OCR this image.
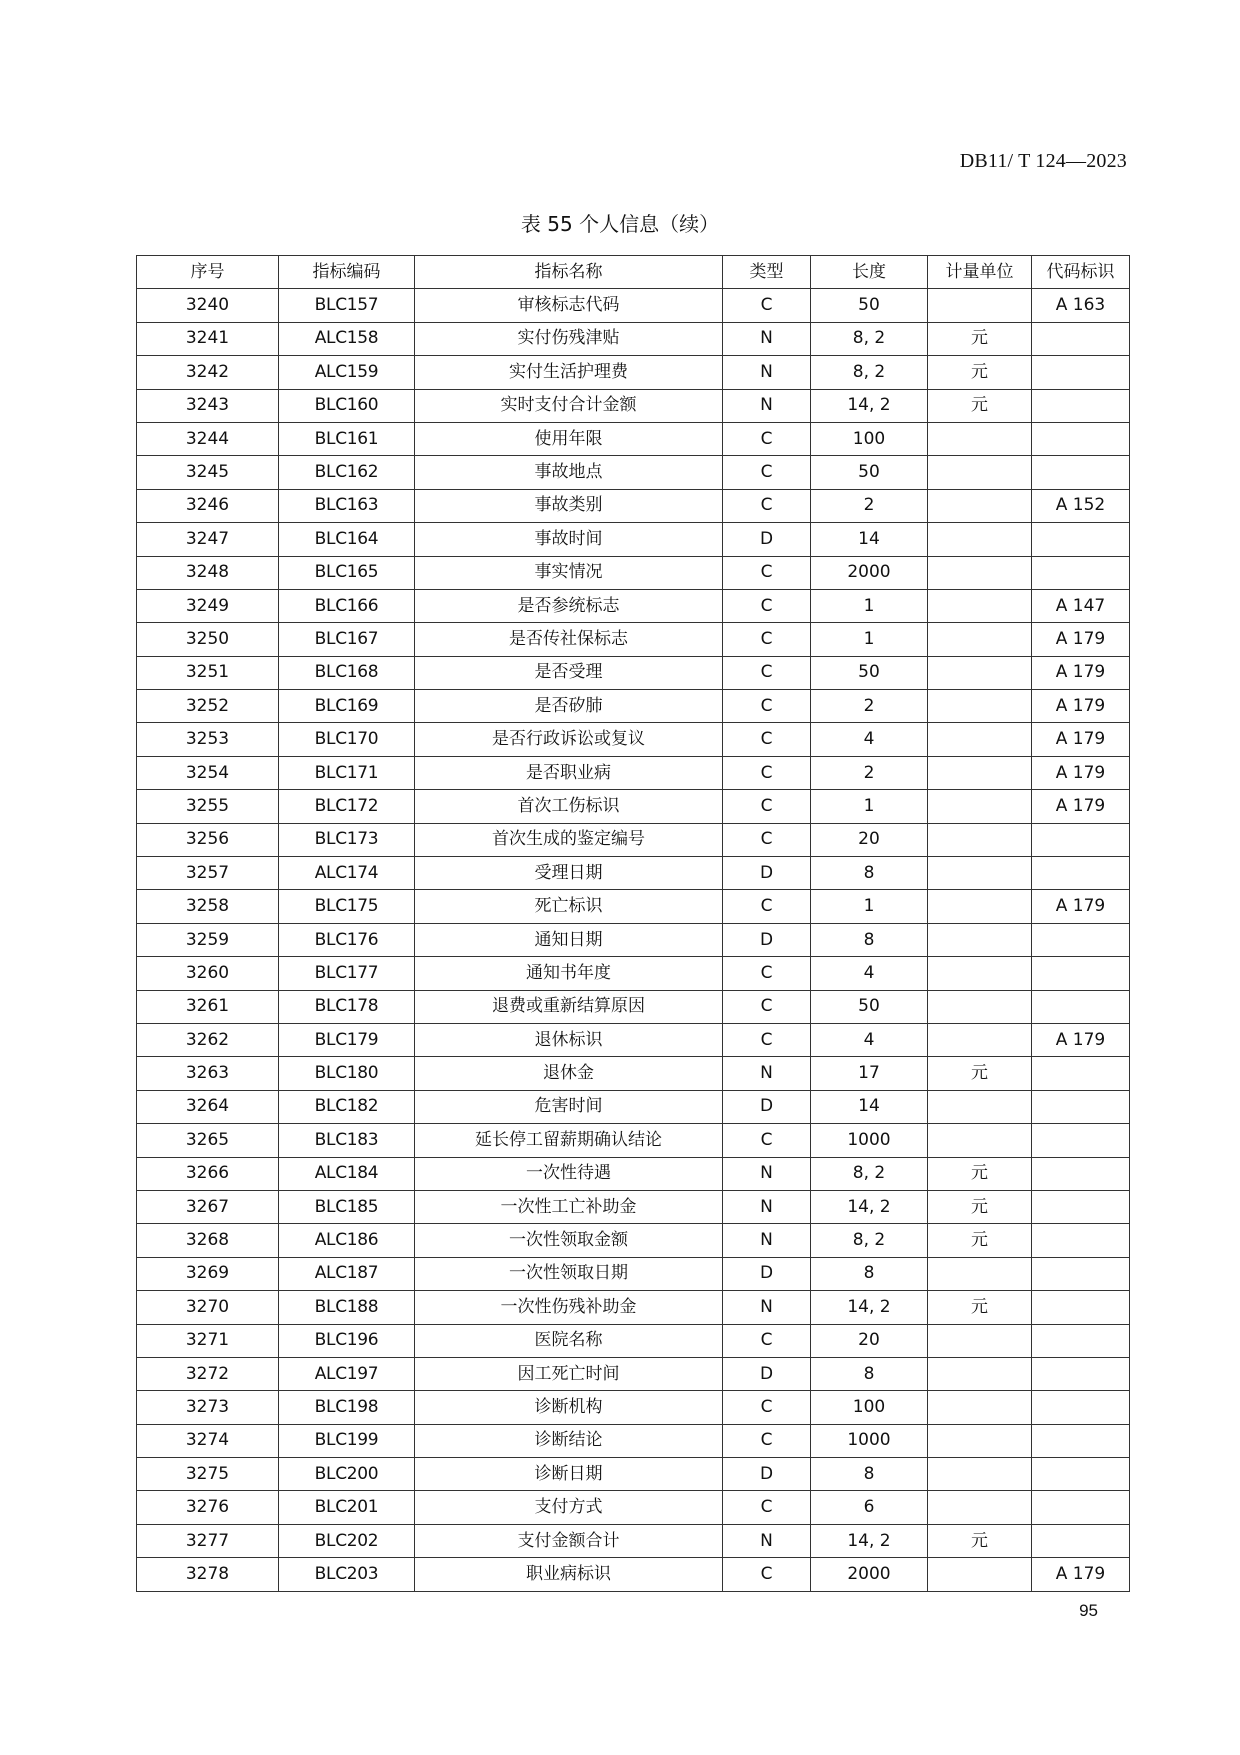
DB11/ T 124—2023
表 55 个人信息（续）
序号	指标编码	指标名称	类型	长度	计量单位	代码标识
3240	BLC157	审核标志代码	C	50		A 163
3241	ALC158	实付伤残津贴	N	8, 2	元	
3242	ALC159	实付生活护理费	N	8, 2	元	
3243	BLC160	实时支付合计金额	N	14, 2	元	
3244	BLC161	使用年限	C	100		
3245	BLC162	事故地点	C	50		
3246	BLC163	事故类别	C	2		A 152
3247	BLC164	事故时间	D	14		
3248	BLC165	事实情况	C	2000		
3249	BLC166	是否参统标志	C	1		A 147
3250	BLC167	是否传社保标志	C	1		A 179
3251	BLC168	是否受理	C	50		A 179
3252	BLC169	是否矽肺	C	2		A 179
3253	BLC170	是否行政诉讼或复议	C	4		A 179
3254	BLC171	是否职业病	C	2		A 179
3255	BLC172	首次工伤标识	C	1		A 179
3256	BLC173	首次生成的鉴定编号	C	20		
3257	ALC174	受理日期	D	8		
3258	BLC175	死亡标识	C	1		A 179
3259	BLC176	通知日期	D	8		
3260	BLC177	通知书年度	C	4		
3261	BLC178	退费或重新结算原因	C	50		
3262	BLC179	退休标识	C	4		A 179
3263	BLC180	退休金	N	17	元	
3264	BLC182	危害时间	D	14		
3265	BLC183	延长停工留薪期确认结论	C	1000		
3266	ALC184	一次性待遇	N	8, 2	元	
3267	BLC185	一次性工亡补助金	N	14, 2	元	
3268	ALC186	一次性领取金额	N	8, 2	元	
3269	ALC187	一次性领取日期	D	8		
3270	BLC188	一次性伤残补助金	N	14, 2	元	
3271	BLC196	医院名称	C	20		
3272	ALC197	因工死亡时间	D	8		
3273	BLC198	诊断机构	C	100		
3274	BLC199	诊断结论	C	1000		
3275	BLC200	诊断日期	D	8		
3276	BLC201	支付方式	C	6		
3277	BLC202	支付金额合计	N	14, 2	元	
3278	BLC203	职业病标识	C	2000		A 179
95
